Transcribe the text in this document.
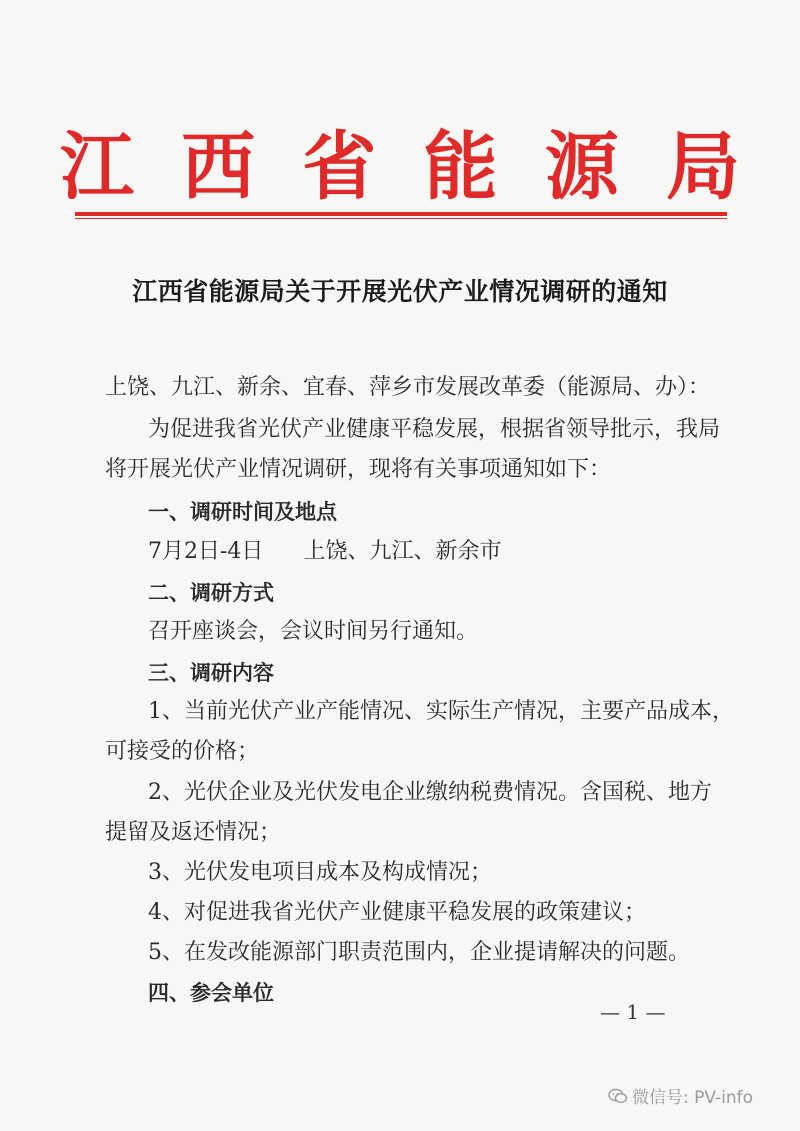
江 西 省 能 源 局
江西省能源局关于开展光伏产业情况调研的通知
上饶、九江、新余、宜春、萍乡市发展改革委（能源局、办）：
为促进我省光伏产业健康平稳发展，根据省领导批示，我局
将开展光伏产业情况调研，现将有关事项通知如下：
一、调研时间及地点
7月2日-4日 上饶、九江、新余市
二、调研方式
召开座谈会，会议时间另行通知。
三、调研内容
1、当前光伏产业产能情况、实际生产情况，主要产品成本，
可接受的价格；
2、光伏企业及光伏发电企业缴纳税费情况。含国税、地方
提留及返还情况；
3、光伏发电项目成本及构成情况；
4、对促进我省光伏产业健康平稳发展的政策建议；
5、在发改能源部门职责范围内，企业提请解决的问题。
四、参会单位
— 1 —
微信号: PV-info
